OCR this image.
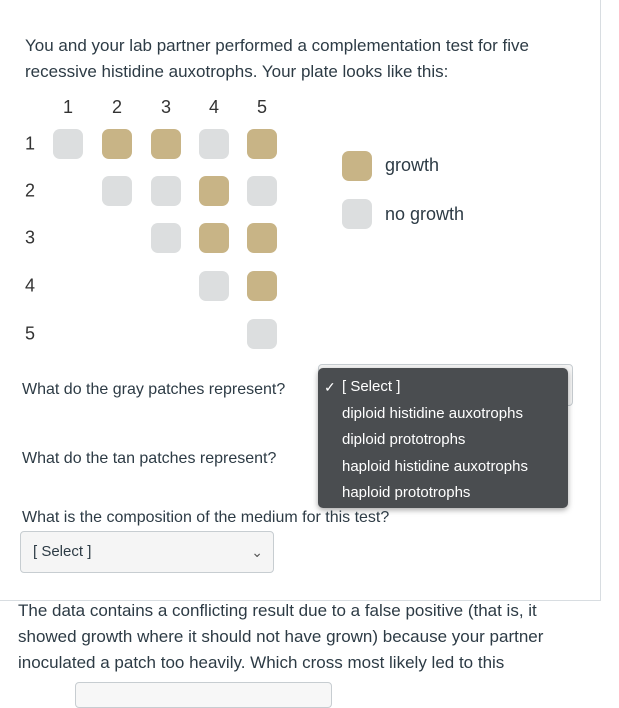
You and your lab partner performed a complementation test for five recessive histidine auxotrophs. Your plate looks like this:
1 2 3 4 5
1
2
3
4
5
growth
no growth
What do the gray patches represent?
What do the tan patches represent?
✓ [ Select ]
diploid histidine auxotrophs
diploid prototrophs
haploid histidine auxotrophs
haploid prototrophs
What is the composition of the medium for this test?
[ Select ]	⌄
The data contains a conflicting result due to a false positive (that is, it showed growth where it should not have grown) because your partner inoculated a patch too heavily. Which cross most likely led to this
